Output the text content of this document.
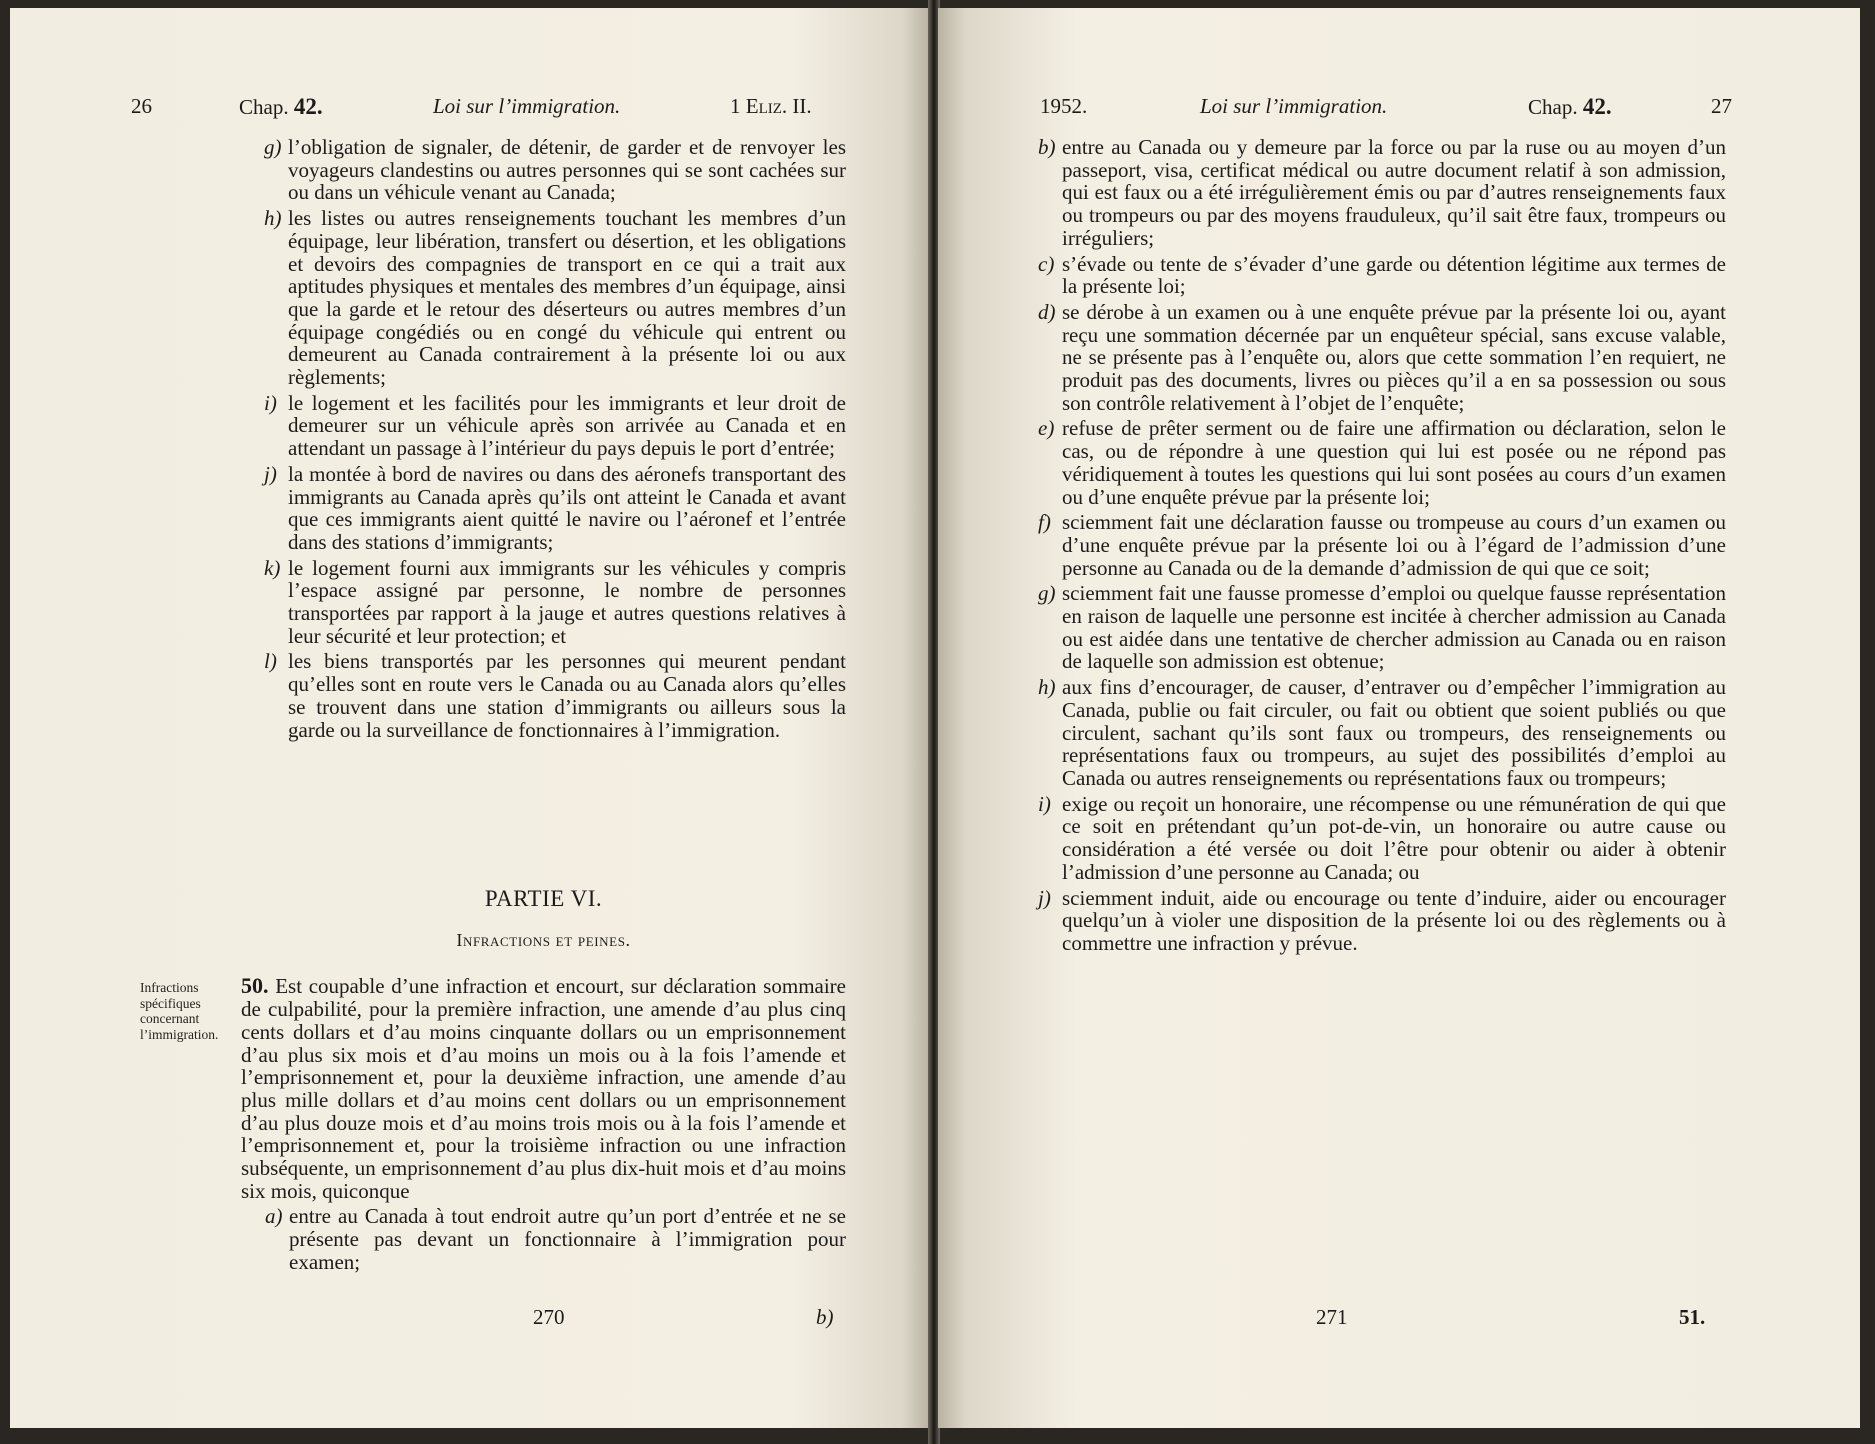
26	Chap. 42.	Loi sur l’immigration.	1 Eliz. II.

g) l’obligation de signaler, de détenir, de garder et de renvoyer les voyageurs clandestins ou autres personnes qui se sont cachées sur ou dans un véhicule venant au Canada;

h) les listes ou autres renseignements touchant les membres d’un équipage, leur libération, transfert ou désertion, et les obligations et devoirs des compagnies de transport en ce qui a trait aux aptitudes physiques et mentales des membres d’un équipage, ainsi que la garde et le retour des déserteurs ou autres membres d’un équipage congédiés ou en congé du véhicule qui entrent ou demeurent au Canada contrairement à la présente loi ou aux règlements;

i) le logement et les facilités pour les immigrants et leur droit de demeurer sur un véhicule après son arrivée au Canada et en attendant un passage à l’intérieur du pays depuis le port d’entrée;

j) la montée à bord de navires ou dans des aéronefs transportant des immigrants au Canada après qu’ils ont atteint le Canada et avant que ces immigrants aient quitté le navire ou l’aéronef et l’entrée dans des stations d’immigrants;

k) le logement fourni aux immigrants sur les véhicules y compris l’espace assigné par personne, le nombre de personnes transportées par rapport à la jauge et autres questions relatives à leur sécurité et leur protection; et

l) les biens transportés par les personnes qui meurent pendant qu’elles sont en route vers le Canada ou au Canada alors qu’elles se trouvent dans une station d’immigrants ou ailleurs sous la garde ou la surveillance de fonctionnaires à l’immigration.

PARTIE VI.
Infractions et peines.

50. Est coupable d’une infraction et encourt, sur déclaration sommaire de culpabilité, pour la première infraction, une amende d’au plus cinq cents dollars et d’au moins cinquante dollars ou un emprisonnement d’au plus six mois et d’au moins un mois ou à la fois l’amende et l’emprisonnement et, pour la deuxième infraction, une amende d’au plus mille dollars et d’au moins cent dollars ou un emprisonnement d’au plus douze mois et d’au moins trois mois ou à la fois l’amende et l’emprisonnement et, pour la troisième infraction ou une infraction subséquente, un emprisonnement d’au plus dix-huit mois et d’au moins six mois, quiconque

a) entre au Canada à tout endroit autre qu’un port d’entrée et ne se présente pas devant un fonctionnaire à l’immigration pour examen;

Infractions spécifiques concernant l’immigration.
270	b)
1952.	Loi sur l’immigration.	Chap. 42.	27

b) entre au Canada ou y demeure par la force ou par la ruse ou au moyen d’un passeport, visa, certificat médical ou autre document relatif à son admission, qui est faux ou a été irrégulièrement émis ou par d’autres renseignements faux ou trompeurs ou par des moyens frauduleux, qu’il sait être faux, trompeurs ou irréguliers;

c) s’évade ou tente de s’évader d’une garde ou détention légitime aux termes de la présente loi;

d) se dérobe à un examen ou à une enquête prévue par la présente loi ou, ayant reçu une sommation décernée par un enquêteur spécial, sans excuse valable, ne se présente pas à l’enquête ou, alors que cette sommation l’en requiert, ne produit pas des documents, livres ou pièces qu’il a en sa possession ou sous son contrôle relativement à l’objet de l’enquête;

e) refuse de prêter serment ou de faire une affirmation ou déclaration, selon le cas, ou de répondre à une question qui lui est posée ou ne répond pas véridiquement à toutes les questions qui lui sont posées au cours d’un examen ou d’une enquête prévue par la présente loi;

f) sciemment fait une déclaration fausse ou trompeuse au cours d’un examen ou d’une enquête prévue par la présente loi ou à l’égard de l’admission d’une personne au Canada ou de la demande d’admission de qui que ce soit;

g) sciemment fait une fausse promesse d’emploi ou quelque fausse représentation en raison de laquelle une personne est incitée à chercher admission au Canada ou est aidée dans une tentative de chercher admission au Canada ou en raison de laquelle son admission est obtenue;

h) aux fins d’encourager, de causer, d’entraver ou d’empêcher l’immigration au Canada, publie ou fait circuler, ou fait ou obtient que soient publiés ou que circulent, sachant qu’ils sont faux ou trompeurs, des renseignements ou représentations faux ou trompeurs, au sujet des possibilités d’emploi au Canada ou autres renseignements ou représentations faux ou trompeurs;

i) exige ou reçoit un honoraire, une récompense ou une rémunération de qui que ce soit en prétendant qu’un pot-de-vin, un honoraire ou autre cause ou considération a été versée ou doit l’être pour obtenir ou aider à obtenir l’admission d’une personne au Canada; ou

j) sciemment induit, aide ou encourage ou tente d’induire, aider ou encourager quelqu’un à violer une disposition de la présente loi ou des règlements ou à commettre une infraction y prévue.

271	51.
